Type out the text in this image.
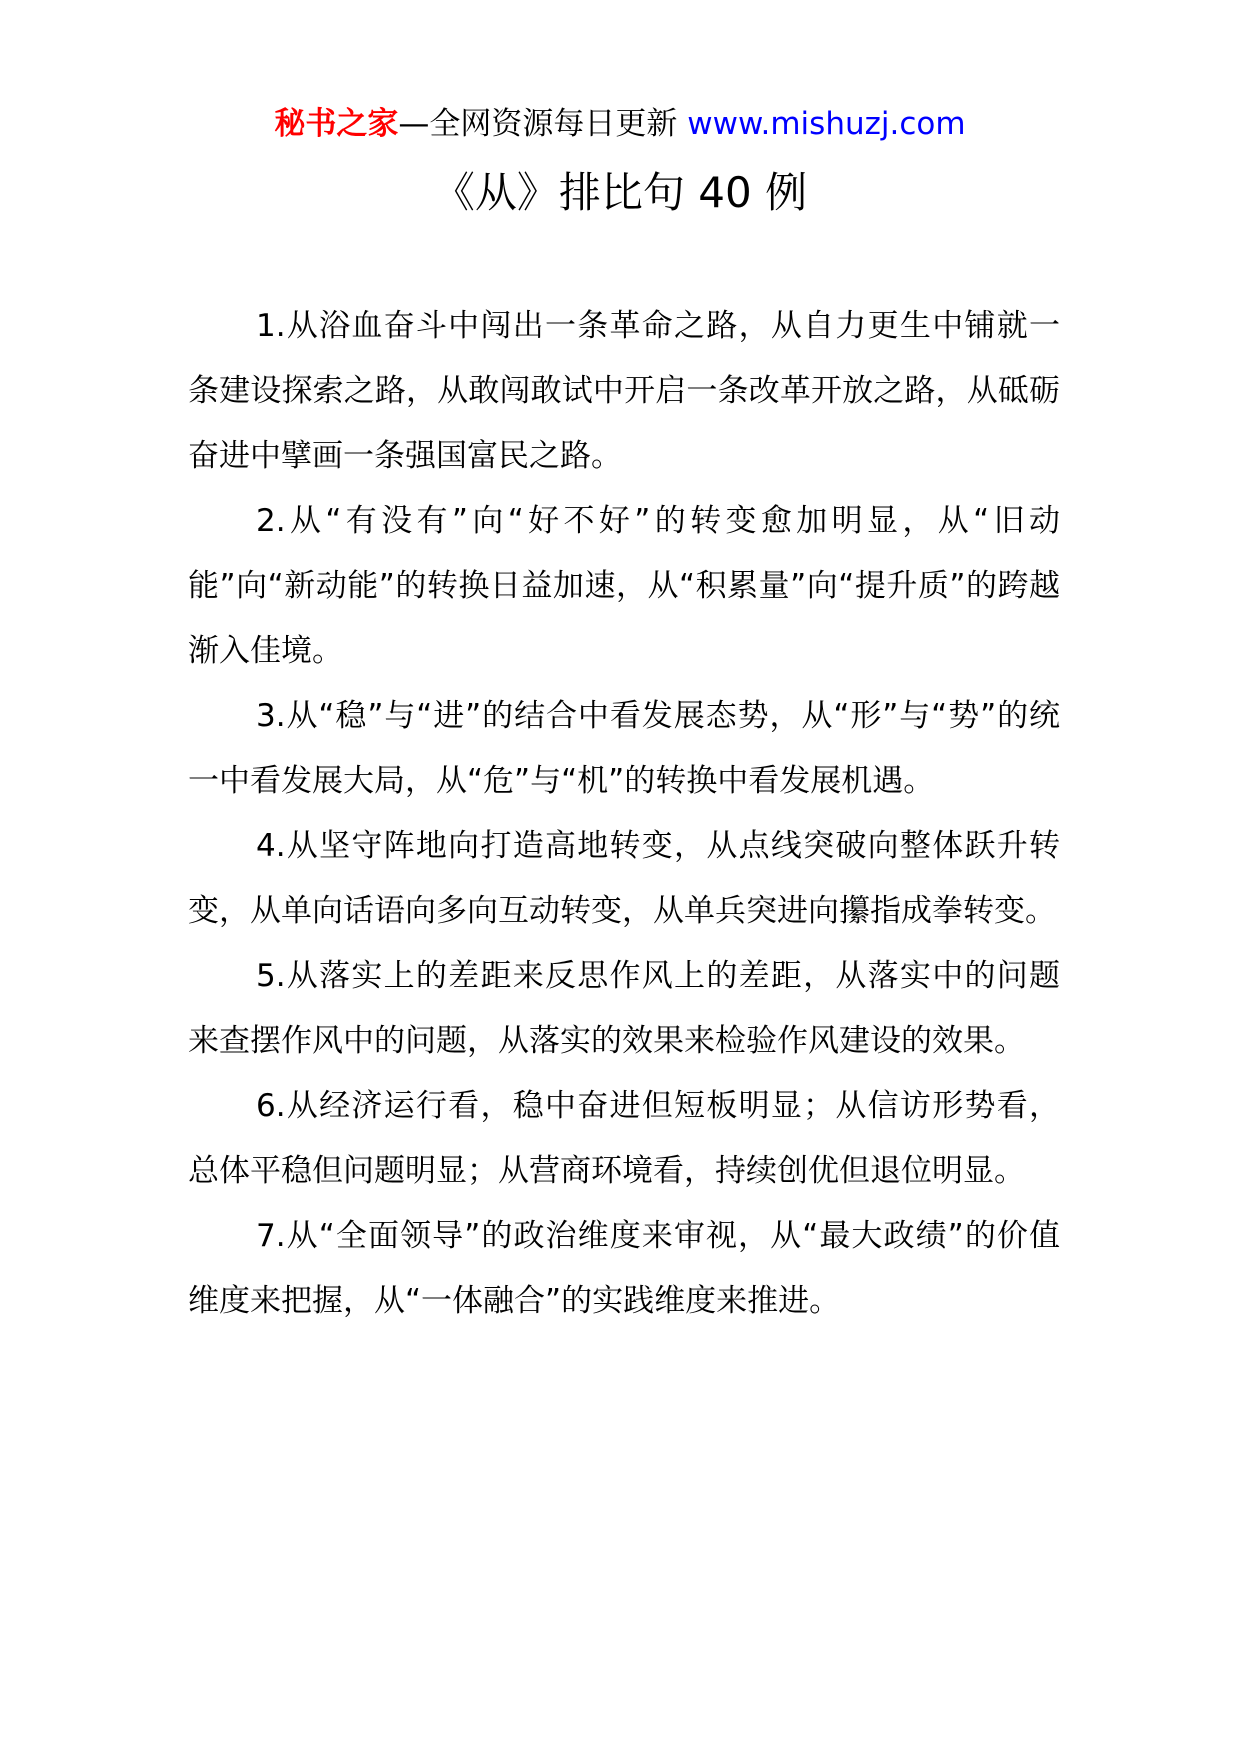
秘书之家—全网资源每日更新 www.mishuzj.com
《从》排比句 40 例

1.从浴血奋斗中闯出一条革命之路，从自力更生中铺就一条建设探索之路，从敢闯敢试中开启一条改革开放之路，从砥砺奋进中擘画一条强国富民之路。

2.从“有没有”向“好不好”的转变愈加明显，从“旧动能”向“新动能”的转换日益加速，从“积累量”向“提升质”的跨越渐入佳境。

3.从“稳”与“进”的结合中看发展态势，从“形”与“势”的统一中看发展大局，从“危”与“机”的转换中看发展机遇。

4.从坚守阵地向打造高地转变，从点线突破向整体跃升转变，从单向话语向多向互动转变，从单兵突进向攥指成拳转变。

5.从落实上的差距来反思作风上的差距，从落实中的问题来查摆作风中的问题，从落实的效果来检验作风建设的效果。

6.从经济运行看，稳中奋进但短板明显；从信访形势看，总体平稳但问题明显；从营商环境看，持续创优但退位明显。

7.从“全面领导”的政治维度来审视，从“最大政绩”的价值维度来把握，从“一体融合”的实践维度来推进。
